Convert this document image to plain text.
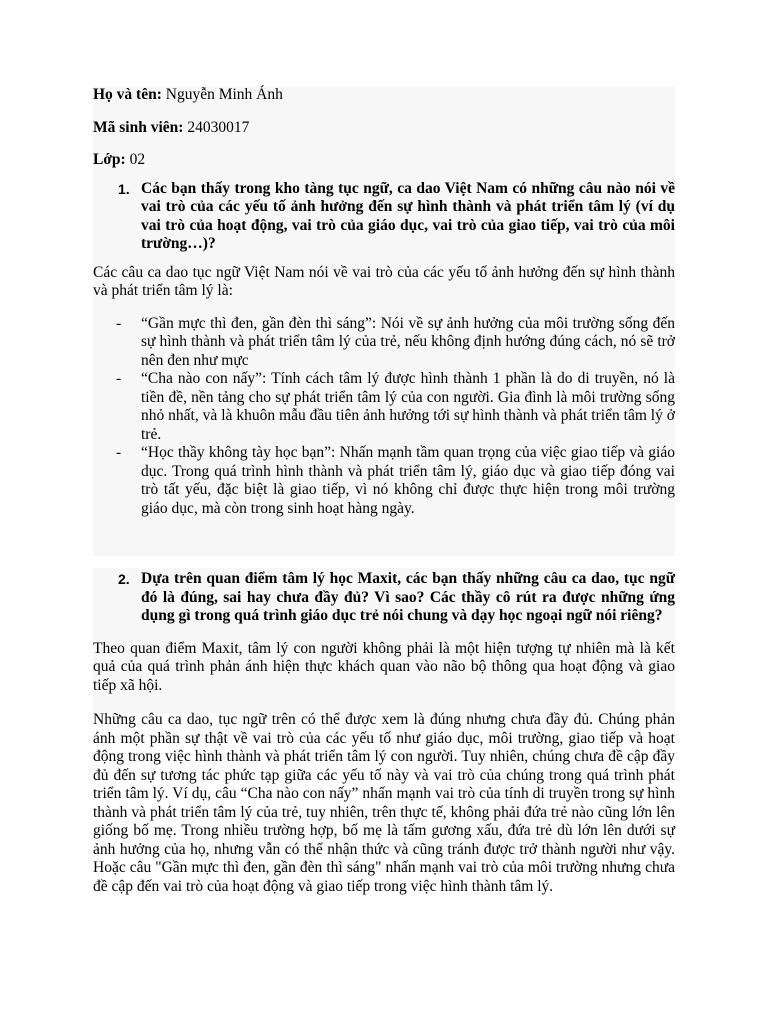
Họ và tên: Nguyễn Minh Ánh

Mã sinh viên: 24030017

Lớp: 02

1. Các bạn thấy trong kho tàng tục ngữ, ca dao Việt Nam có những câu nào nói về vai trò của các yếu tố ảnh hưởng đến sự hình thành và phát triển tâm lý (ví dụ vai trò của hoạt động, vai trò của giáo dục, vai trò của giao tiếp, vai trò của môi trường…)?

Các câu ca dao tục ngữ Việt Nam nói về vai trò của các yếu tố ảnh hưởng đến sự hình thành và phát triển tâm lý là:

- “Gần mực thì đen, gần đèn thì sáng”: Nói về sự ảnh hưởng của môi trường sống đến sự hình thành và phát triển tâm lý của trẻ, nếu không định hướng đúng cách, nó sẽ trở nên đen như mực
- “Cha nào con nấy”: Tính cách tâm lý được hình thành 1 phần là do di truyền, nó là tiền đề, nền tảng cho sự phát triển tâm lý của con người. Gia đình là môi trường sống nhỏ nhất, và là khuôn mẫu đầu tiên ảnh hưởng tới sự hình thành và phát triển tâm lý ở trẻ.
- “Học thầy không tày học bạn”: Nhấn mạnh tầm quan trọng của việc giao tiếp và giáo dục. Trong quá trình hình thành và phát triển tâm lý, giáo dục và giao tiếp đóng vai trò tất yếu, đặc biệt là giao tiếp, vì nó không chỉ được thực hiện trong môi trường giáo dục, mà còn trong sinh hoạt hàng ngày.
2. Dựa trên quan điểm tâm lý học Maxit, các bạn thấy những câu ca dao, tục ngữ đó là đúng, sai hay chưa đầy đủ? Vì sao? Các thầy cô rút ra được những ứng dụng gì trong quá trình giáo dục trẻ nói chung và dạy học ngoại ngữ nói riêng?

Theo quan điểm Maxit, tâm lý con người không phải là một hiện tượng tự nhiên mà là kết quả của quá trình phản ánh hiện thực khách quan vào não bộ thông qua hoạt động và giao tiếp xã hội.

Những câu ca dao, tục ngữ trên có thể được xem là đúng nhưng chưa đầy đủ. Chúng phản ánh một phần sự thật về vai trò của các yếu tố như giáo dục, môi trường, giao tiếp và hoạt động trong việc hình thành và phát triển tâm lý con người. Tuy nhiên, chúng chưa đề cập đầy đủ đến sự tương tác phức tạp giữa các yếu tố này và vai trò của chúng trong quá trình phát triển tâm lý. Ví dụ, câu “Cha nào con nấy” nhấn mạnh vai trò của tính di truyền trong sự hình thành và phát triển tâm lý của trẻ, tuy nhiên, trên thực tế, không phải đứa trẻ nào cũng lớn lên giống bố mẹ. Trong nhiều trường hợp, bố mẹ là tấm gương xấu, đứa trẻ dù lớn lên dưới sự ảnh hưởng của họ, nhưng vẫn có thể nhận thức và cũng tránh được trở thành người như vậy. Hoặc câu "Gần mực thì đen, gần đèn thì sáng" nhấn mạnh vai trò của môi trường nhưng chưa đề cập đến vai trò của hoạt động và giao tiếp trong việc hình thành tâm lý.
